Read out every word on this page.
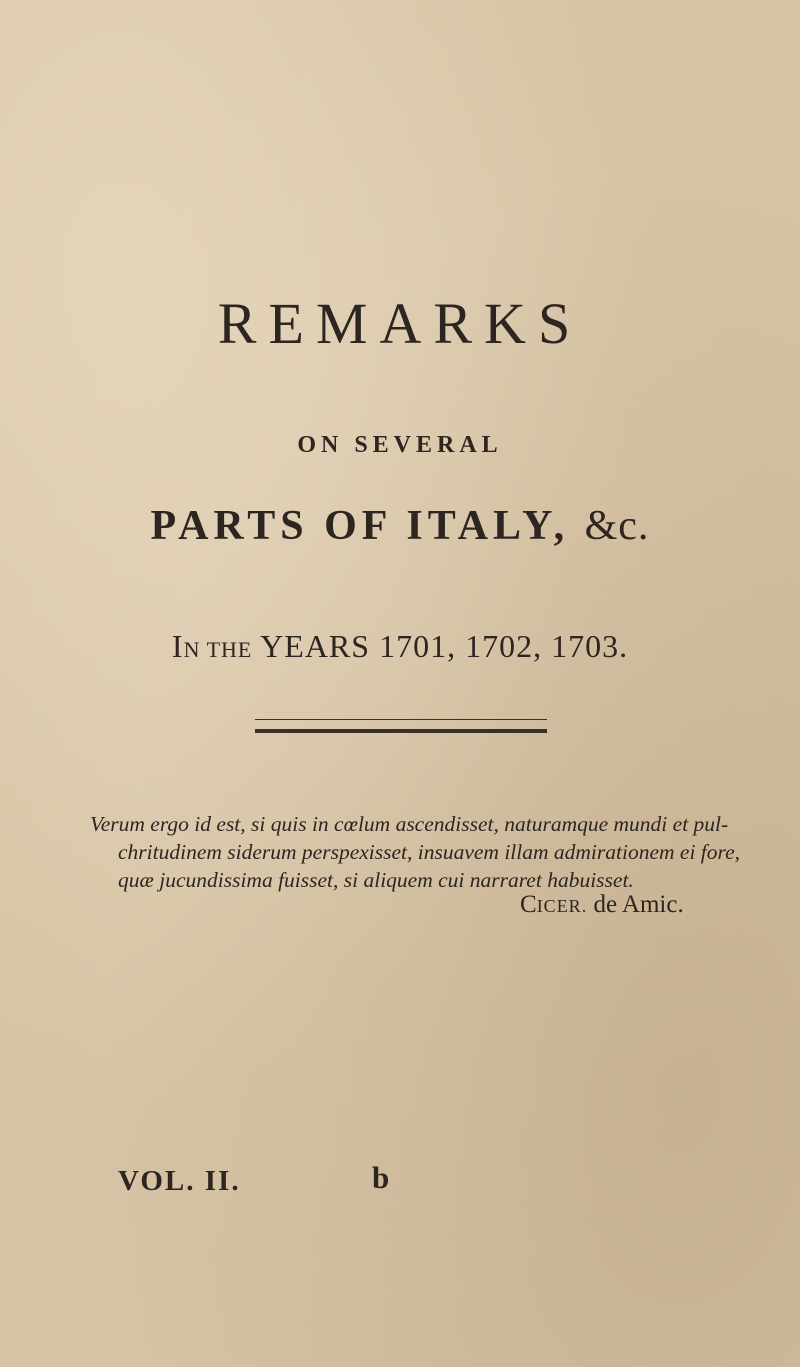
REMARKS
ON SEVERAL
PARTS OF ITALY, &c.
IN THE YEARS 1701, 1702, 1703.
Verum ergo id est, si quis in cœlum ascendisset, naturamque mundi et pul-
chritudinem siderum perspexisset, insuavem illam admirationem ei fore,
quæ jucundissima fuisset, si aliquem cui narraret habuisset.
CICER. de Amic.
VOL. II.	b
